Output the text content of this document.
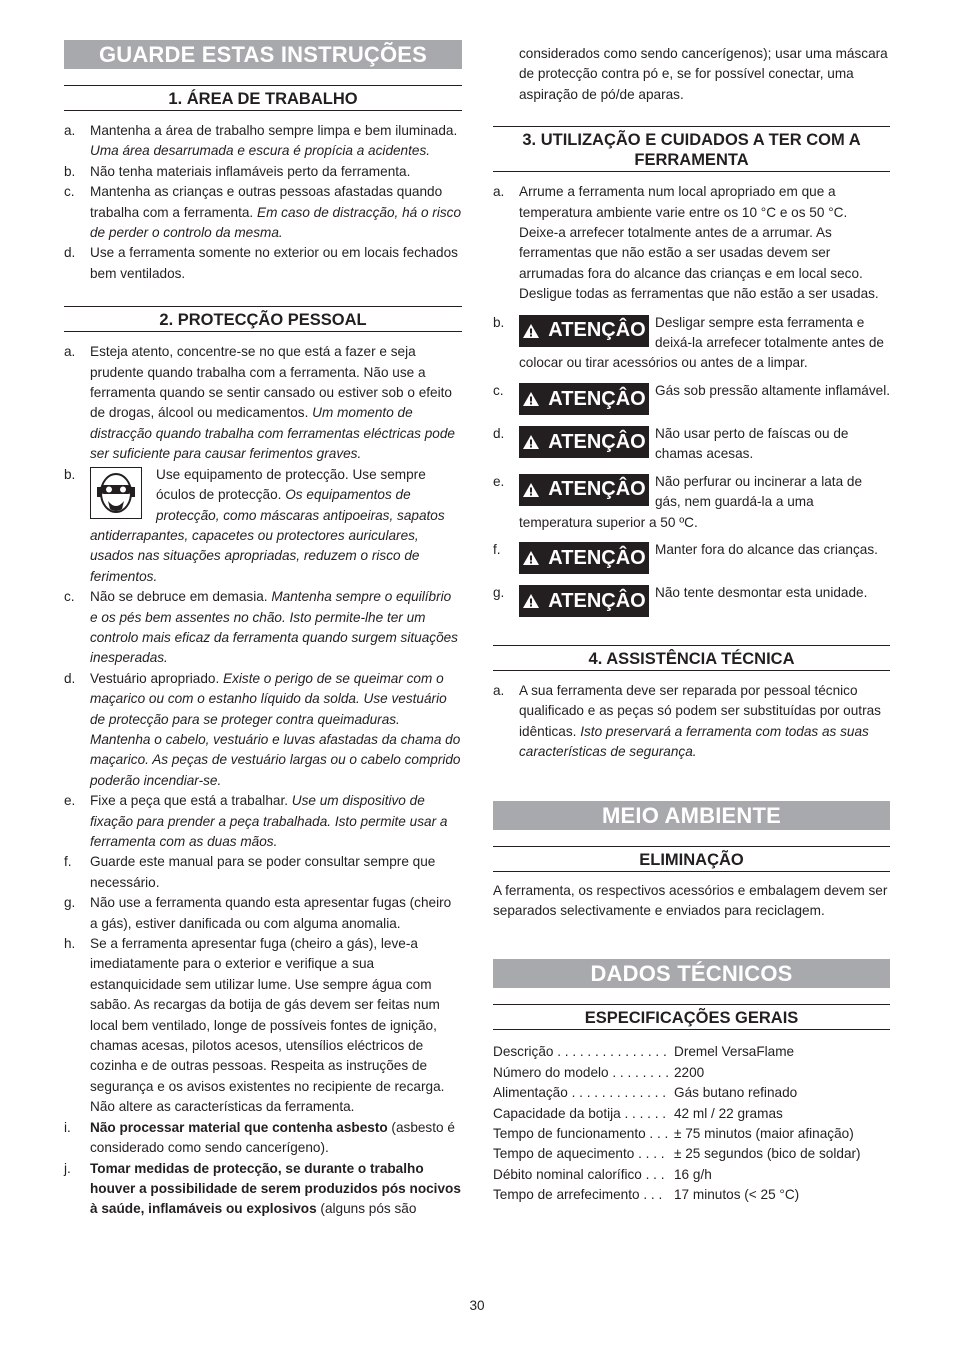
GUARDE ESTAS INSTRUÇÕES
1. ÁREA DE TRABALHO
a. Mantenha a área de trabalho sempre limpa e bem iluminada. Uma área desarrumada e escura é propícia a acidentes.
b. Não tenha materiais inflamáveis perto da ferramenta.
c. Mantenha as crianças e outras pessoas afastadas quando trabalha com a ferramenta. Em caso de distracção, há o risco de perder o controlo da mesma.
d. Use a ferramenta somente no exterior ou em locais fechados bem ventilados.
2. PROTECÇÃO PESSOAL
a. Esteja atento, concentre-se no que está a fazer e seja prudente quando trabalha com a ferramenta. Não use a ferramenta quando se sentir cansado ou estiver sob o efeito de drogas, álcool ou medicamentos. Um momento de distracção quando trabalha com ferramentas eléctricas pode ser suficiente para causar ferimentos graves.
b.	Use equipamento de protecção. Use sempre óculos de protecção. Os equipamentos de protecção, como máscaras antipoeiras, sapatos antiderrapantes, capacetes ou protectores auriculares, usados nas situações apropriadas, reduzem o risco de ferimentos.
c. Não se debruce em demasia. Mantenha sempre o equilíbrio e os pés bem assentes no chão. Isto permite-lhe ter um controlo mais eficaz da ferramenta quando surgem situações inesperadas.
d. Vestuário apropriado. Existe o perigo de se queimar com o maçarico ou com o estanho líquido da solda. Use vestuário de protecção para se proteger contra queimaduras. Mantenha o cabelo, vestuário e luvas afastadas da chama do maçarico. As peças de vestuário largas ou o cabelo comprido poderão incendiar-se.
e. Fixe a peça que está a trabalhar. Use um dispositivo de fixação para prender a peça trabalhada. Isto permite usar a ferramenta com as duas mãos.
f. Guarde este manual para se poder consultar sempre que necessário.
g. Não use a ferramenta quando esta apresentar fugas (cheiro a gás), estiver danificada ou com alguma anomalia.
h. Se a ferramenta apresentar fuga (cheiro a gás), leve-a imediatamente para o exterior e verifique a sua estanquicidade sem utilizar lume. Use sempre água com sabão. As recargas da botija de gás devem ser feitas num local bem ventilado, longe de possíveis fontes de ignição, chamas acesas, pilotos acesos, utensílios eléctricos de cozinha e de outras pessoas. Respeita as instruções de segurança e os avisos existentes no recipiente de recarga. Não altere as características da ferramenta.
i. Não processar material que contenha asbesto (asbesto é considerado como sendo cancerígeno).
j. Tomar medidas de protecção, se durante o trabalho houver a possibilidade de serem produzidos pós nocivos à saúde, inflamáveis ou explosivos (alguns pós são
considerados como sendo cancerígenos); usar uma máscara de protecção contra pó e, se for possível conectar, uma aspiração de pó/de aparas.
3. UTILIZAÇÃO E CUIDADOS A TER COM A FERRAMENTA
a. Arrume a ferramenta num local apropriado em que a temperatura ambiente varie entre os 10 °C e os 50 °C. Deixe-a arrefecer totalmente antes de a arrumar. As ferramentas que não estão a ser usadas devem ser arrumadas fora do alcance das crianças e em local seco. Desligue todas as ferramentas que não estão a ser usadas.
b. ATENÇÂO Desligar sempre esta ferramenta e deixá-la arrefecer totalmente antes de colocar ou tirar acessórios ou antes de a limpar.
c. ATENÇÂO Gás sob pressão altamente inflamável.
d. ATENÇÂO Não usar perto de faíscas ou de chamas acesas.
e. ATENÇÂO Não perfurar ou incinerar a lata de gás, nem guardá-la a uma temperatura superior a 50 ºC.
f. ATENÇÂO Manter fora do alcance das crianças.
g. ATENÇÂO Não tente desmontar esta unidade.
4. ASSISTÊNCIA TÉCNICA
a. A sua ferramenta deve ser reparada por pessoal técnico qualificado e as peças só podem ser substituídas por outras idênticas. Isto preservará a ferramenta com todas as suas características de segurança.
MEIO AMBIENTE
ELIMINAÇÃO
A ferramenta, os respectivos acessórios e embalagem devem ser separados selectivamente e enviados para reciclagem.
DADOS TÉCNICOS
ESPECIFICAÇÕES GERAIS
Descrição . . . . . . . . . . . . . . . Dremel VersaFlame
Número do modelo . . . . . . . . 2200
Alimentação . . . . . . . . . . . . . Gás butano refinado
Capacidade da botija . . . . . . 42 ml / 22 gramas
Tempo de funcionamento . . . ± 75 minutos (maior afinação)
Tempo de aquecimento . . . . ± 25 segundos (bico de soldar)
Débito nominal calorífico . . . 16 g/h
Tempo de arrefecimento . . . 17 minutos (< 25 °C)
30
